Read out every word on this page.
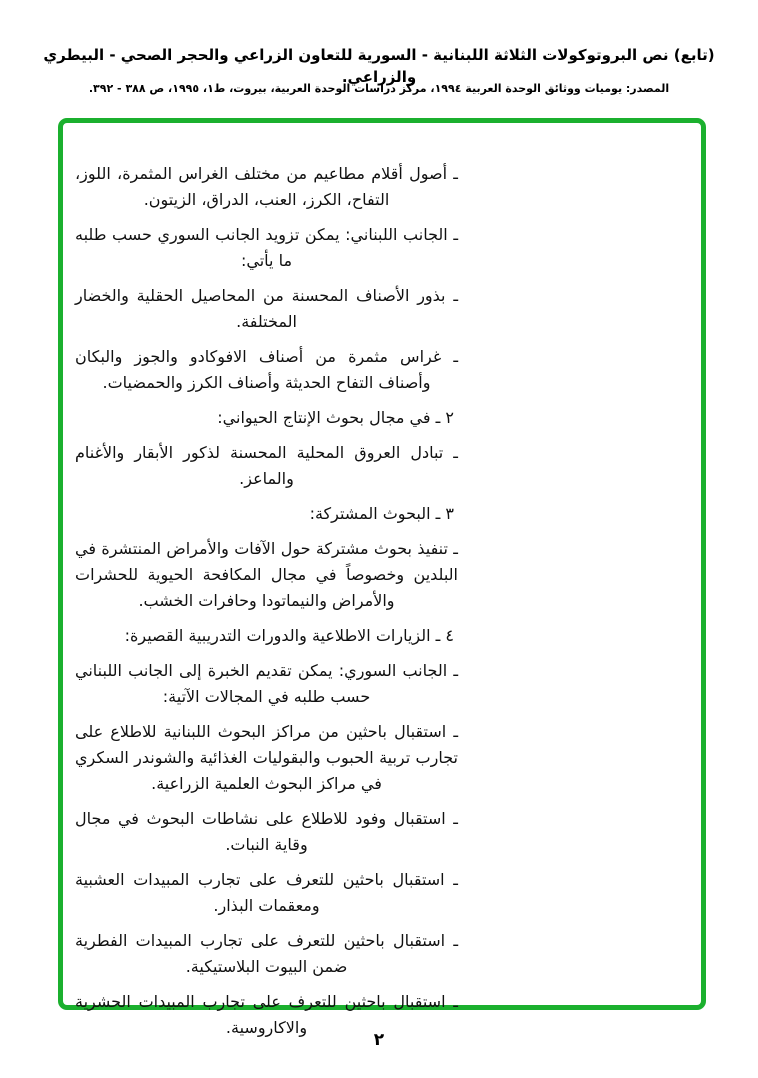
(تابع) نص البروتوكولات الثلاثة اللبنانية - السورية للتعاون الزراعي والحجر الصحي - البيطري والزراعي.
المصدر: يوميات ووثائق الوحدة العربية ١٩٩٤، مركز دراسات الوحدة العربية، بيروت، ط١، ١٩٩٥، ص ٣٨٨ - ٣٩٢.
ـ أصول أقلام مطاعيم من مختلف الغراس المثمرة، اللوز، التفاح، الكرز، العنب، الدراق، الزيتون.
ـ الجانب اللبناني: يمكن تزويد الجانب السوري حسب طلبه ما يأتي:
ـ بذور الأصناف المحسنة من المحاصيل الحقلية والخضار المختلفة.
ـ غراس مثمرة من أصناف الافوكادو والجوز والبكان وأصناف التفاح الحديثة وأصناف الكرز والحمضيات.
٢ ـ في مجال بحوث الإنتاج الحيواني:
ـ تبادل العروق المحلية المحسنة لذكور الأبقار والأغنام والماعز.
٣ ـ البحوث المشتركة:
ـ تنفيذ بحوث مشتركة حول الآفات والأمراض المنتشرة في البلدين وخصوصاً في مجال المكافحة الحيوية للحشرات والأمراض والنيماتودا وحافرات الخشب.
٤ ـ الزيارات الاطلاعية والدورات التدريبية القصيرة:
ـ الجانب السوري: يمكن تقديم الخبرة إلى الجانب اللبناني حسب طلبه في المجالات الآتية:
ـ استقبال باحثين من مراكز البحوث اللبنانية للاطلاع على تجارب تربية الحبوب والبقوليات الغذائية والشوندر السكري في مراكز البحوث العلمية الزراعية.
ـ استقبال وفود للاطلاع على نشاطات البحوث في مجال وقاية النبات.
ـ استقبال باحثين للتعرف على تجارب المبيدات العشبية ومعقمات البذار.
ـ استقبال باحثين للتعرف على تجارب المبيدات الفطرية ضمن البيوت البلاستيكية.
ـ استقبال باحثين للتعرف على تجارب المبيدات الحشرية والاكاروسية.
٢
